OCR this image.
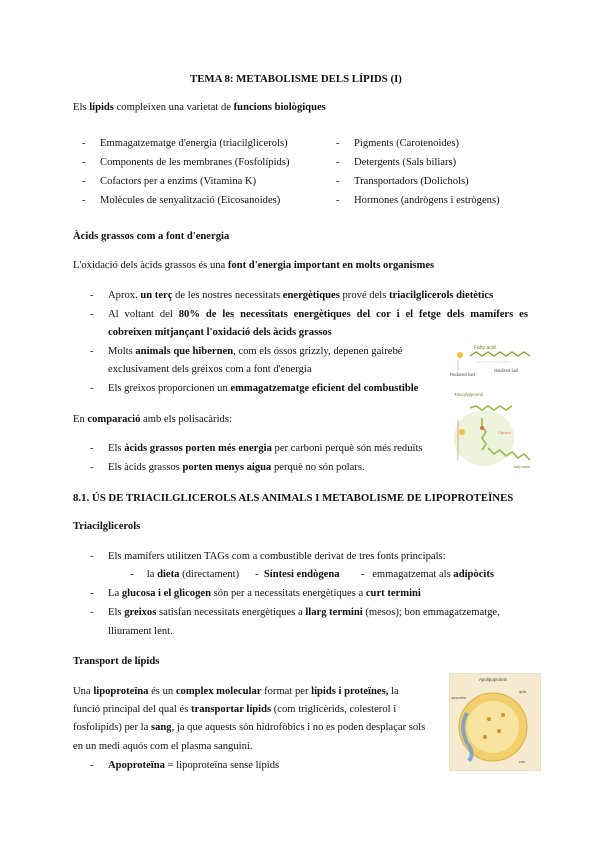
TEMA 8: METABOLISME DELS LÍPIDS (I)
Els lípids compleixen una varietat de funcions biològiques
- Emmagatzematge d'energia (triacilglicerols)
- Components de les membranes (Fosfolípids)
- Cofactors per a enzims (Vitamina K)
- Molècules de senyalització (Eicosanoides)
- Pigments (Carotenoides)
- Detergents (Sals biliars)
- Transportadors (Dolichols)
- Hormones (andrògens i estrògens)
Àcids grassos com a font d'energia
L'oxidació dels àcids grassos és una font d'energia important en molts organismes
- Aprox. un terç de les nostres necessitats energètiques prové dels triacilglicerols dietètics
- Al voltant del 80% de les necessitats energètiques del cor i el fetge dels mamífers es
cobreixen mitjançant l'oxidació dels àcids grassos
- Molts animals que hibernen, com els óssos grizzly, depenen gairebé
exclusivament dels greixos com a font d'energia
- Els greixos proporcionen un emmagatzematge eficient del combustible
En comparació amb els polisacàrids:
- Els àcids grassos porten més energia per carboni perquè són més reduïts
- Els àcids grassos porten menys aigua perquè no són polars.
Fatty acid
Reduced fuel
Oxidized fuel
Triacylglycerol
Glycerol
fatty acids
8.1. ÚS DE TRIACILGLICEROLS ALS ANIMALS I METABOLISME DE LIPOPROTEÏNES
Triacilglicerols
- Els mamífers utilitzen TAGs com a combustible derivat de tres fonts principals:
-     la dieta (directament)      -  Síntesi endògena        -   emmagatzemat als adipòcits
- La glucosa i el glicogen són per a necessitats energètiques a curt termini
- Els greixos satisfan necessitats energètiques a llarg termini (mesos); bon emmagatzematge,
lliurament lent.
Transport de lípids
Una lipoproteïna és un complex molecular format per lípids i proteïnes, la
funció principal del qual és transportar lípids (com triglicèrids, colesterol i
fosfolípids) per la sang, ja que aquests són hidrofòbics i no es poden desplaçar sols
en un medi aquós com el plasma sanguini.
- Apoproteïna = lipoproteïna sense lípids
Apolipoprotein
apoprotein
lipids
core
